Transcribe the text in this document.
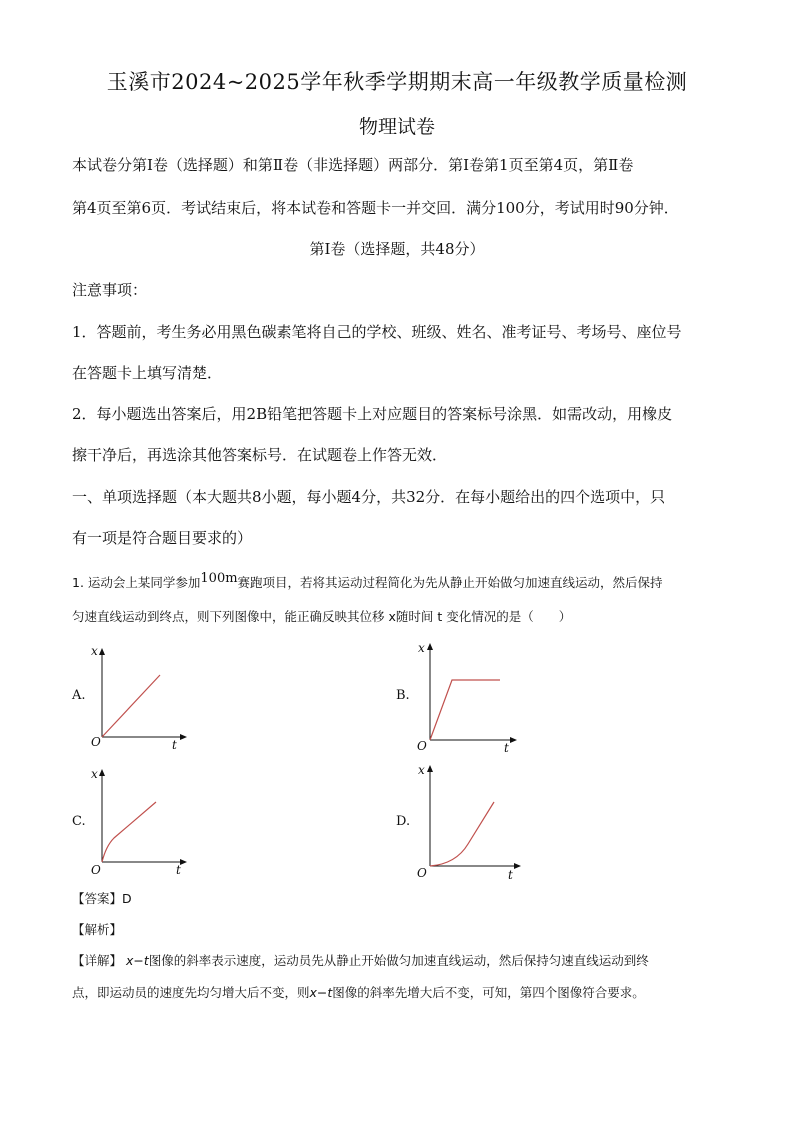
玉溪市2024~2025学年秋季学期期末高一年级教学质量检测
物理试卷
本试卷分第Ⅰ卷（选择题）和第Ⅱ卷（非选择题）两部分．第Ⅰ卷第1页至第4页，第Ⅱ卷
第4页至第6页．考试结束后，将本试卷和答题卡一并交回．满分100分，考试用时90分钟．
第Ⅰ卷（选择题，共48分）
注意事项：
1．答题前，考生务必用黑色碳素笔将自己的学校、班级、姓名、准考证号、考场号、座位号
在答题卡上填写清楚．
2．每小题选出答案后，用2B铅笔把答题卡上对应题目的答案标号涂黑．如需改动，用橡皮
擦干净后，再选涂其他答案标号．在试题卷上作答无效．
一、单项选择题（本大题共8小题，每小题4分，共32分．在每小题给出的四个选项中，只
有一项是符合题目要求的）
1. 运动会上某同学参加100m赛跑项目，若将其运动过程简化为先从静止开始做匀加速直线运动，然后保持
匀速直线运动到终点，则下列图像中，能正确反映其位移 x随时间 t 变化情况的是（　　）
A.
x
t
O
B.
x
t
O
C.
x
t
O
D.
x
t
O
【答案】D
【解析】
【详解】 x−t图像的斜率表示速度，运动员先从静止开始做匀加速直线运动，然后保持匀速直线运动到终
点，即运动员的速度先均匀增大后不变，则x−t图像的斜率先增大后不变，可知，第四个图像符合要求。
